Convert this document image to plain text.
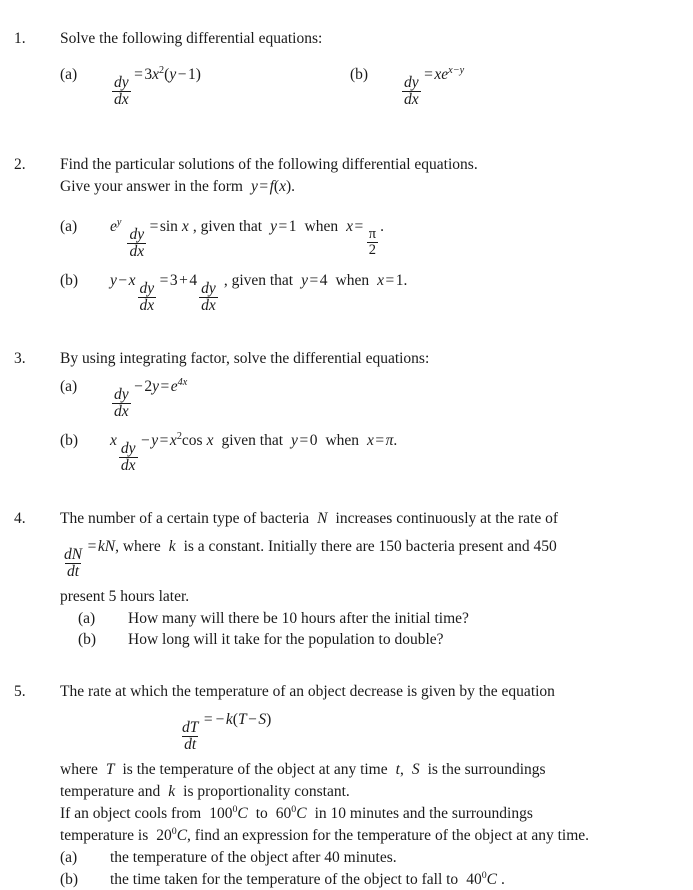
1.	Solve the following differential equations:
(a)
$\frac{dy}{dx}$
$=3x^2(y-1)$	(b)
$\frac{dy}{dx}$
$=xe^{x-y}$
2.	Find the particular solutions of the following differential equations.
Give your answer in the form y=f(x).
(a)	$e^y$
$\frac{dy}{dx}$
=sin x , given that y=1 when x=
$\frac{\pi}{2}$
.
(b)	y−x
$\frac{dy}{dx}$
=3+4
$\frac{dy}{dx}$
, given that y=4 when x=1.
3.	By using integrating factor, solve the differential equations:
(a)
$\frac{dy}{dx}$
$-2y=e^{4x}$
(b)	x
$\frac{dy}{dx}$
$-y=x^2\cos$ x given that y=0 when x=π.
4.	The number of a certain type of bacteria N increases continuously at the rate of
$\frac{dN}{dt}$
=kN, where k is a constant. Initially there are 150 bacteria present and 450
present 5 hours later.
(a)	How many will there be 10 hours after the initial time?
(b)	How long will it take for the population to double?
5.	The rate at which the temperature of an object decrease is given by the equation
$\frac{dT}{dt}$
= −k(T−S)
where T is the temperature of the object at any time t, S is the surroundings
temperature and k is proportionality constant.
If an object cools from $100^0C$ to $60^0C$ in 10 minutes and the surroundings
temperature is $20^0C$, find an expression for the temperature of the object at any time.
(a)	the temperature of the object after 40 minutes.
(b)	the time taken for the temperature of the object to fall to $40^0C$ .
